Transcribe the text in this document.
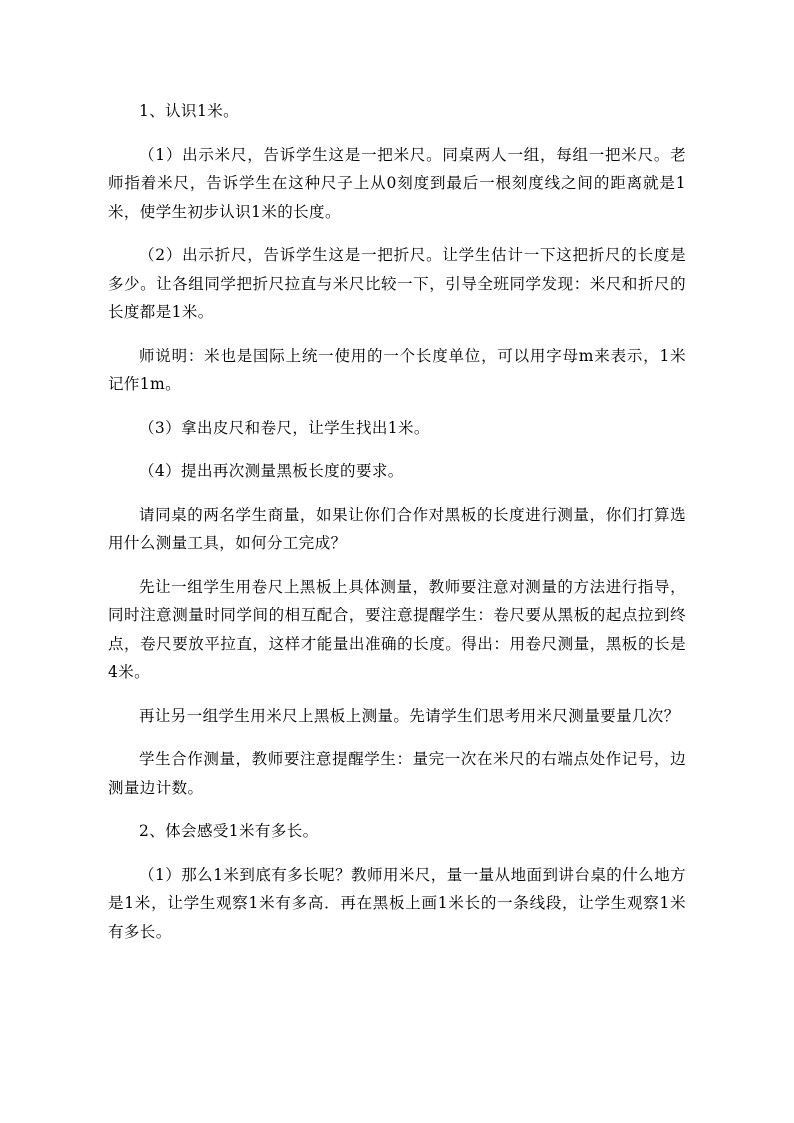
1、认识1米。

（1）出示米尺，告诉学生这是一把米尺。同桌两人一组，每组一把米尺。老师指着米尺，告诉学生在这种尺子上从0刻度到最后一根刻度线之间的距离就是1米，使学生初步认识1米的长度。

（2）出示折尺，告诉学生这是一把折尺。让学生估计一下这把折尺的长度是多少。让各组同学把折尺拉直与米尺比较一下，引导全班同学发现：米尺和折尺的长度都是1米。

师说明：米也是国际上统一使用的一个长度单位，可以用字母m来表示，1米记作1m。

（3）拿出皮尺和卷尺，让学生找出1米。

（4）提出再次测量黑板长度的要求。

请同桌的两名学生商量，如果让你们合作对黑板的长度进行测量，你们打算选用什么测量工具，如何分工完成？

先让一组学生用卷尺上黑板上具体测量，教师要注意对测量的方法进行指导，同时注意测量时同学间的相互配合，要注意提醒学生：卷尺要从黑板的起点拉到终点，卷尺要放平拉直，这样才能量出准确的长度。得出：用卷尺测量，黑板的长是4米。

再让另一组学生用米尺上黑板上测量。先请学生们思考用米尺测量要量几次？

学生合作测量，教师要注意提醒学生：量完一次在米尺的右端点处作记号，边测量边计数。

2、体会感受1米有多长。

（1）那么1米到底有多长呢？教师用米尺，量一量从地面到讲台桌的什么地方是1米，让学生观察1米有多高．再在黑板上画1米长的一条线段，让学生观察1米有多长。
